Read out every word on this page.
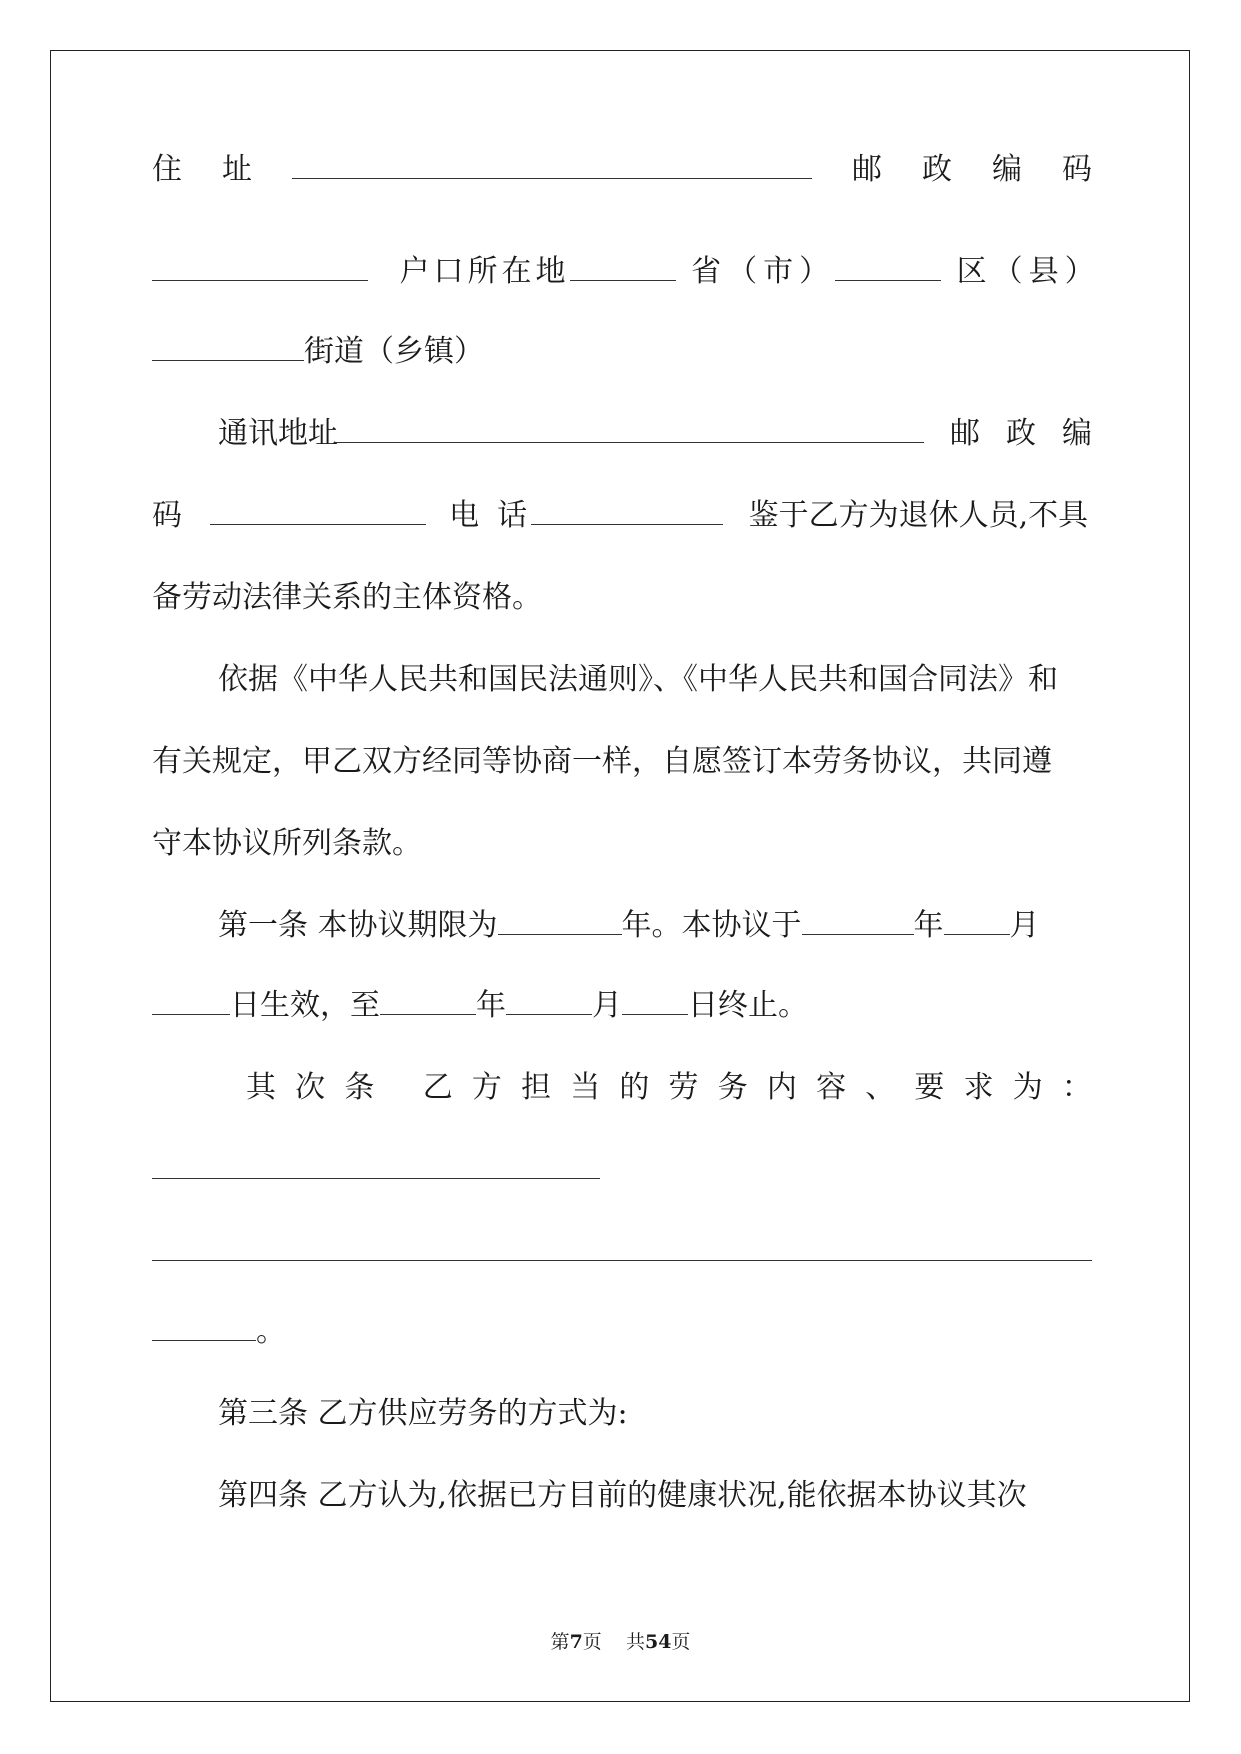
住 址	邮 政 编 码
户口所在地	省（市）	区（县）
街道（乡镇）
通讯地址	邮 政 编
码	电话	鉴于乙方为退休人员,不具
备劳动法律关系的主体资格。
依据《中华人民共和国民法通则》、《中华人民共和国合同法》和
有关规定，甲乙双方经同等协商一样，自愿签订本劳务协议，共同遵
守本协议所列条款。
第一条 本协议期限为	年。本协议于	年 月
日生效，至	年	月 日终止。
其 次 条 乙 方 担 当 的 劳 务 内 容 、 要 求 为 ：
。
第三条 乙方供应劳务的方式为:
第四条 乙方认为,依据已方目前的健康状况,能依据本协议其次
第7页    共54页
